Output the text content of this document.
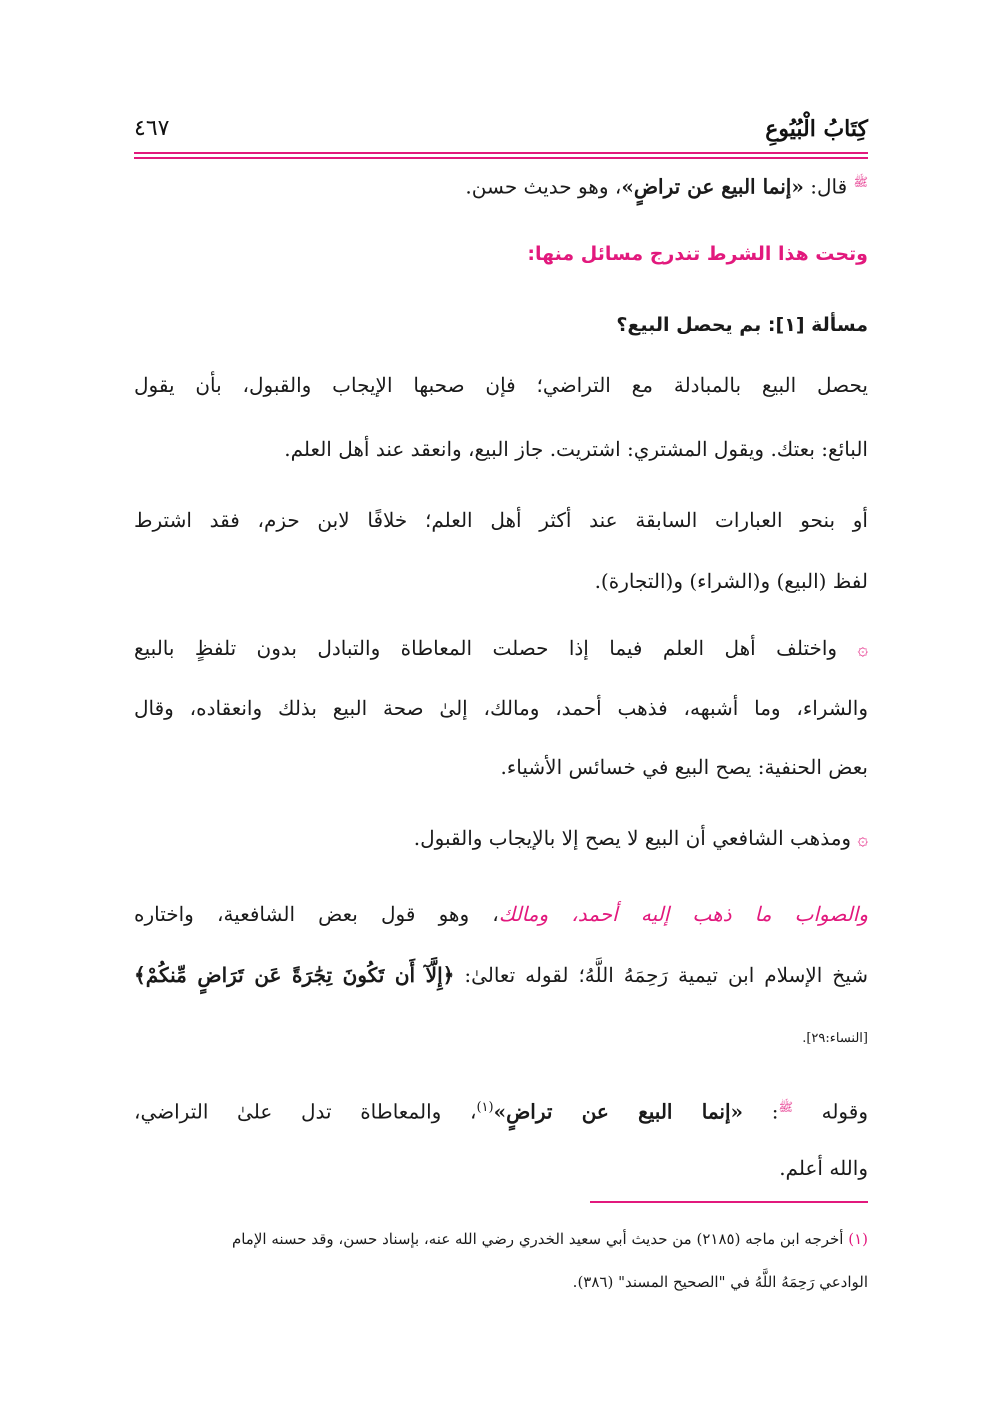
كِتَابُ الْبُيُوعِ
٤٦٧
$^ﷺ$ قال: «إنما البيع عن تراضٍ»، وهو حديث حسن.
وتحت هذا الشرط تندرج مسائل منها:
مسألة [١]: بم يحصل البيع؟
يحصل البيع بالمبادلة مع التراضي؛ فإن صحبها الإيجاب والقبول، بأن يقول
البائع: بعتك. ويقول المشتري: اشتريت. جاز البيع، وانعقد عند أهل العلم.
أو بنحو العبارات السابقة عند أكثر أهل العلم؛ خلافًا لابن حزم، فقد اشترط
لفظ (البيع) و(الشراء) و(التجارة).
۞ واختلف أهل العلم فيما إذا حصلت المعاطاة والتبادل بدون تلفظٍ بالبيع
والشراء، وما أشبهه، فذهب أحمد، ومالك، إلىٰ صحة البيع بذلك وانعقاده، وقال
بعض الحنفية: يصح البيع في خسائس الأشياء.
۞ ومذهب الشافعي أن البيع لا يصح إلا بالإيجاب والقبول.
والصواب ما ذهب إليه أحمد، ومالك، وهو قول بعض الشافعية، واختاره
شيخ الإسلام ابن تيمية رَحِمَهُ اللَّهُ؛ لقوله تعالىٰ: ﴿إِلَّآ أَن تَكُونَ تِجَٰرَةً عَن تَرَاضٍ مِّنكُمْ﴾
[النساء:٢٩].
وقوله $^ﷺ$: «إنما البيع عن تراضٍ»$^{(١)}$، والمعاطاة تدل علىٰ التراضي،
والله أعلم.
(١) أخرجه ابن ماجه (٢١٨٥) من حديث أبي سعيد الخدري رضي الله عنه، بإسناد حسن، وقد حسنه الإمام
الوادعي رَحِمَهُ اللَّهُ في "الصحيح المسند" (٣٨٦).
